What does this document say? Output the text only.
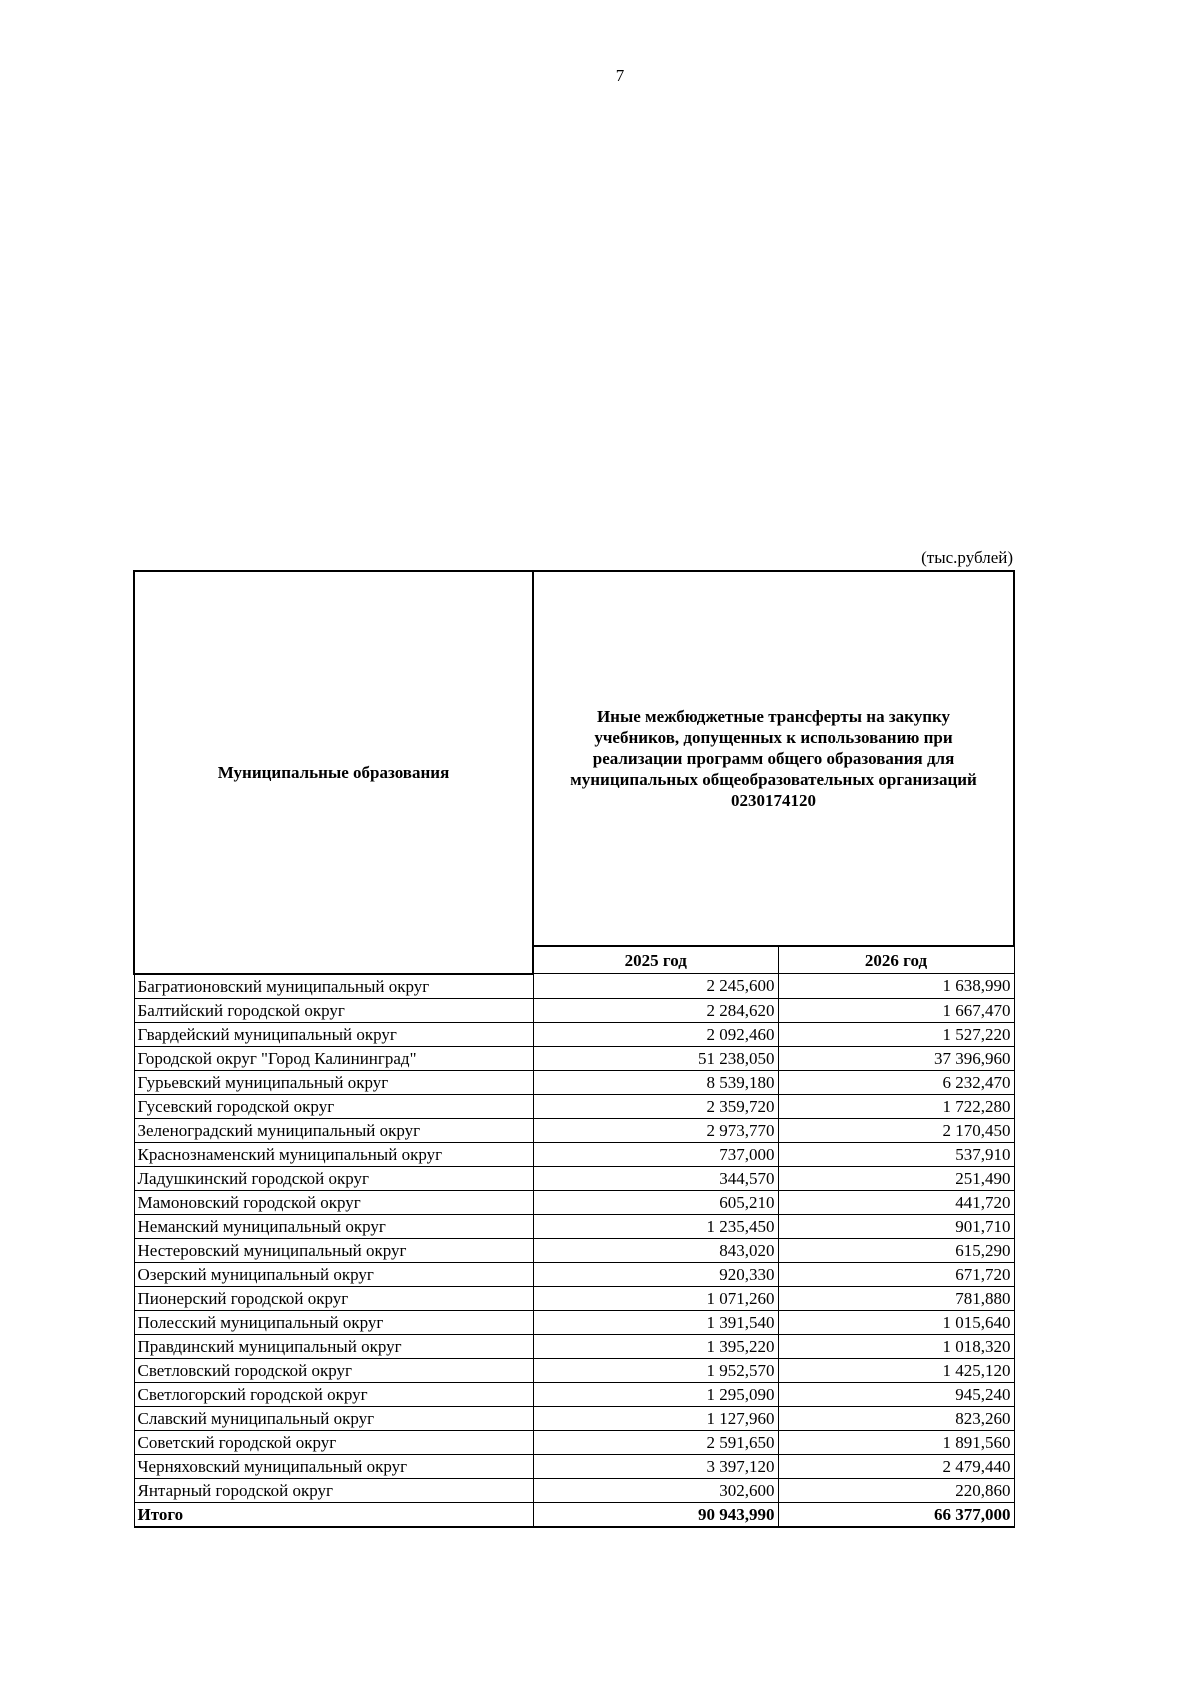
7
(тыс.рублей)
Муниципальные образования	Иные межбюджетные трансферты на закупку учебников, допущенных к использованию при реализации программ общего образования для муниципальных общеобразовательных организаций 0230174120	
	2025 год	2026 год
Багратионовский муниципальный округ	2 245,600	1 638,990
Балтийский городской округ	2 284,620	1 667,470
Гвардейский муниципальный округ	2 092,460	1 527,220
Городской округ "Город Калининград"	51 238,050	37 396,960
Гурьевский муниципальный округ	8 539,180	6 232,470
Гусевский городской округ	2 359,720	1 722,280
Зеленоградский муниципальный округ	2 973,770	2 170,450
Краснознаменский муниципальный округ	737,000	537,910
Ладушкинский городской округ	344,570	251,490
Мамоновский городской округ	605,210	441,720
Неманский муниципальный округ	1 235,450	901,710
Нестеровский муниципальный округ	843,020	615,290
Озерский муниципальный округ	920,330	671,720
Пионерский городской округ	1 071,260	781,880
Полесский муниципальный округ	1 391,540	1 015,640
Правдинский муниципальный округ	1 395,220	1 018,320
Светловский городской округ	1 952,570	1 425,120
Светлогорский городской округ	1 295,090	945,240
Славский муниципальный округ	1 127,960	823,260
Советский городской округ	2 591,650	1 891,560
Черняховский муниципальный округ	3 397,120	2 479,440
Янтарный городской округ	302,600	220,860
Итого	90 943,990	66 377,000
